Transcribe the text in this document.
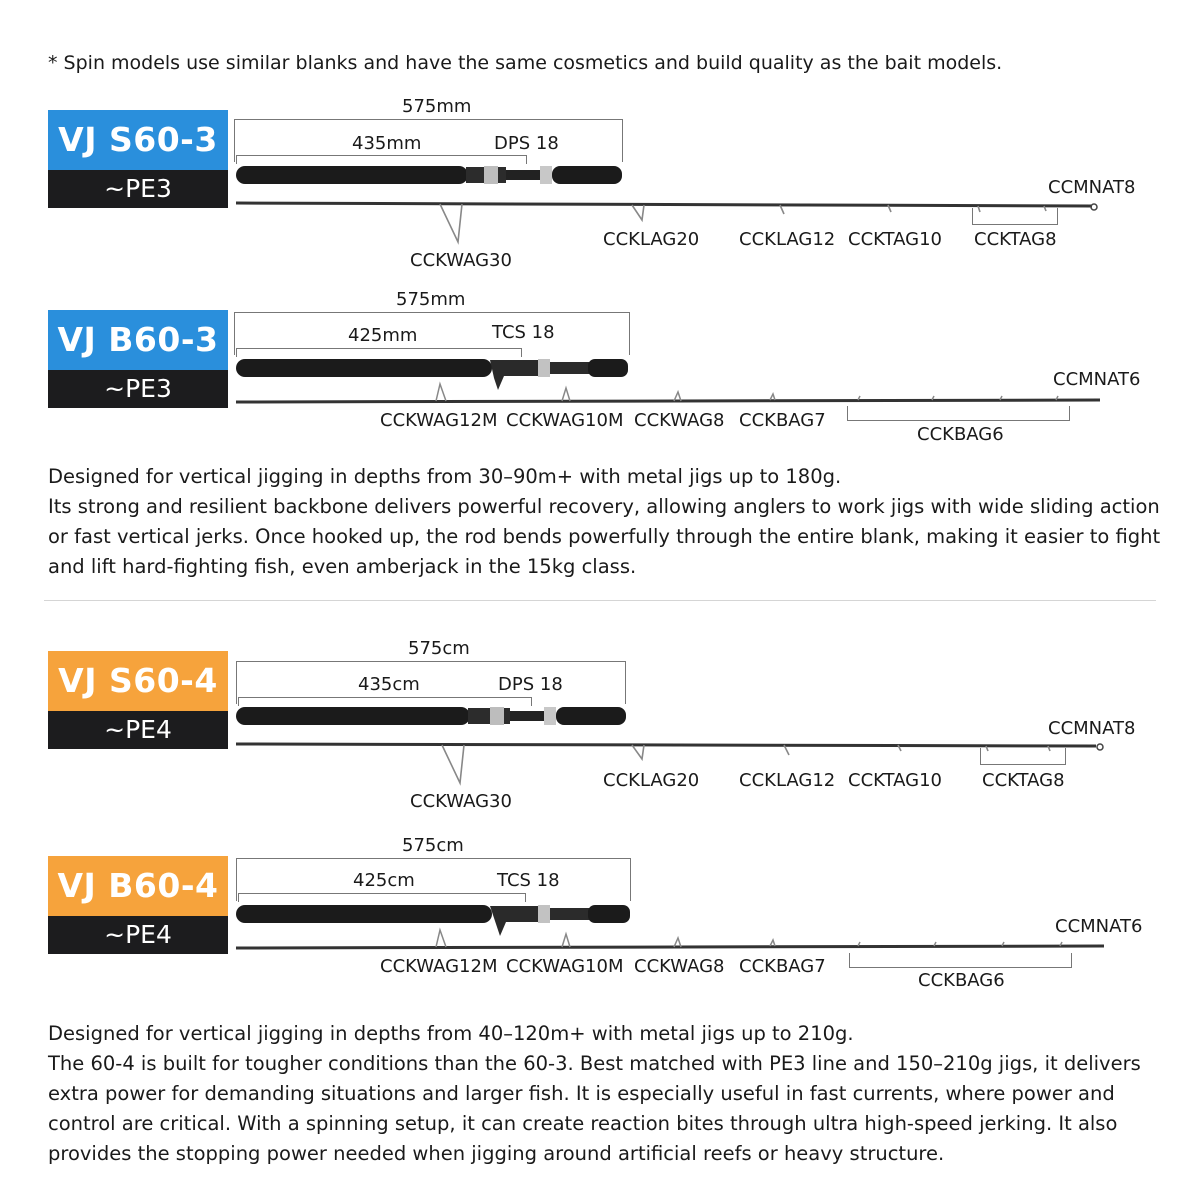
* Spin models use similar blanks and have the same cosmetics and build quality as the bait models.
VJ S60-3
~PE3
575mm
435mm	DPS 18
CCKWAG30
CCKLAG20 CCKLAG12 CCKTAG10 CCKTAG8
CCMNAT8
VJ B60-3
~PE3
575mm
425mm	TCS 18
CCKWAG12M CCKWAG10M CCKWAG8 CCKBAG7
CCKBAG6
CCMNAT6

Designed for vertical jigging in depths from 30–90m+ with metal jigs up to 180g.

Its strong and resilient backbone delivers powerful recovery, allowing anglers to work jigs with wide sliding action or fast vertical jerks. Once hooked up, the rod bends powerfully through the entire blank, making it easier to fight and lift hard-fighting fish, even amberjack in the 15kg class.

VJ S60-4
~PE4
575cm
435cm	DPS 18
CCKWAG30
CCKLAG20 CCKLAG12 CCKTAG10 CCKTAG8
CCMNAT8
VJ B60-4
~PE4
575cm
425cm	TCS 18
CCKWAG12M CCKWAG10M CCKWAG8 CCKBAG7
CCKBAG6
CCMNAT6

Designed for vertical jigging in depths from 40–120m+ with metal jigs up to 210g.

The 60-4 is built for tougher conditions than the 60-3. Best matched with PE3 line and 150–210g jigs, it delivers extra power for demanding situations and larger fish. It is especially useful in fast currents, where power and control are critical. With a spinning setup, it can create reaction bites through ultra high-speed jerking. It also provides the stopping power needed when jigging around artificial reefs or heavy structure.
